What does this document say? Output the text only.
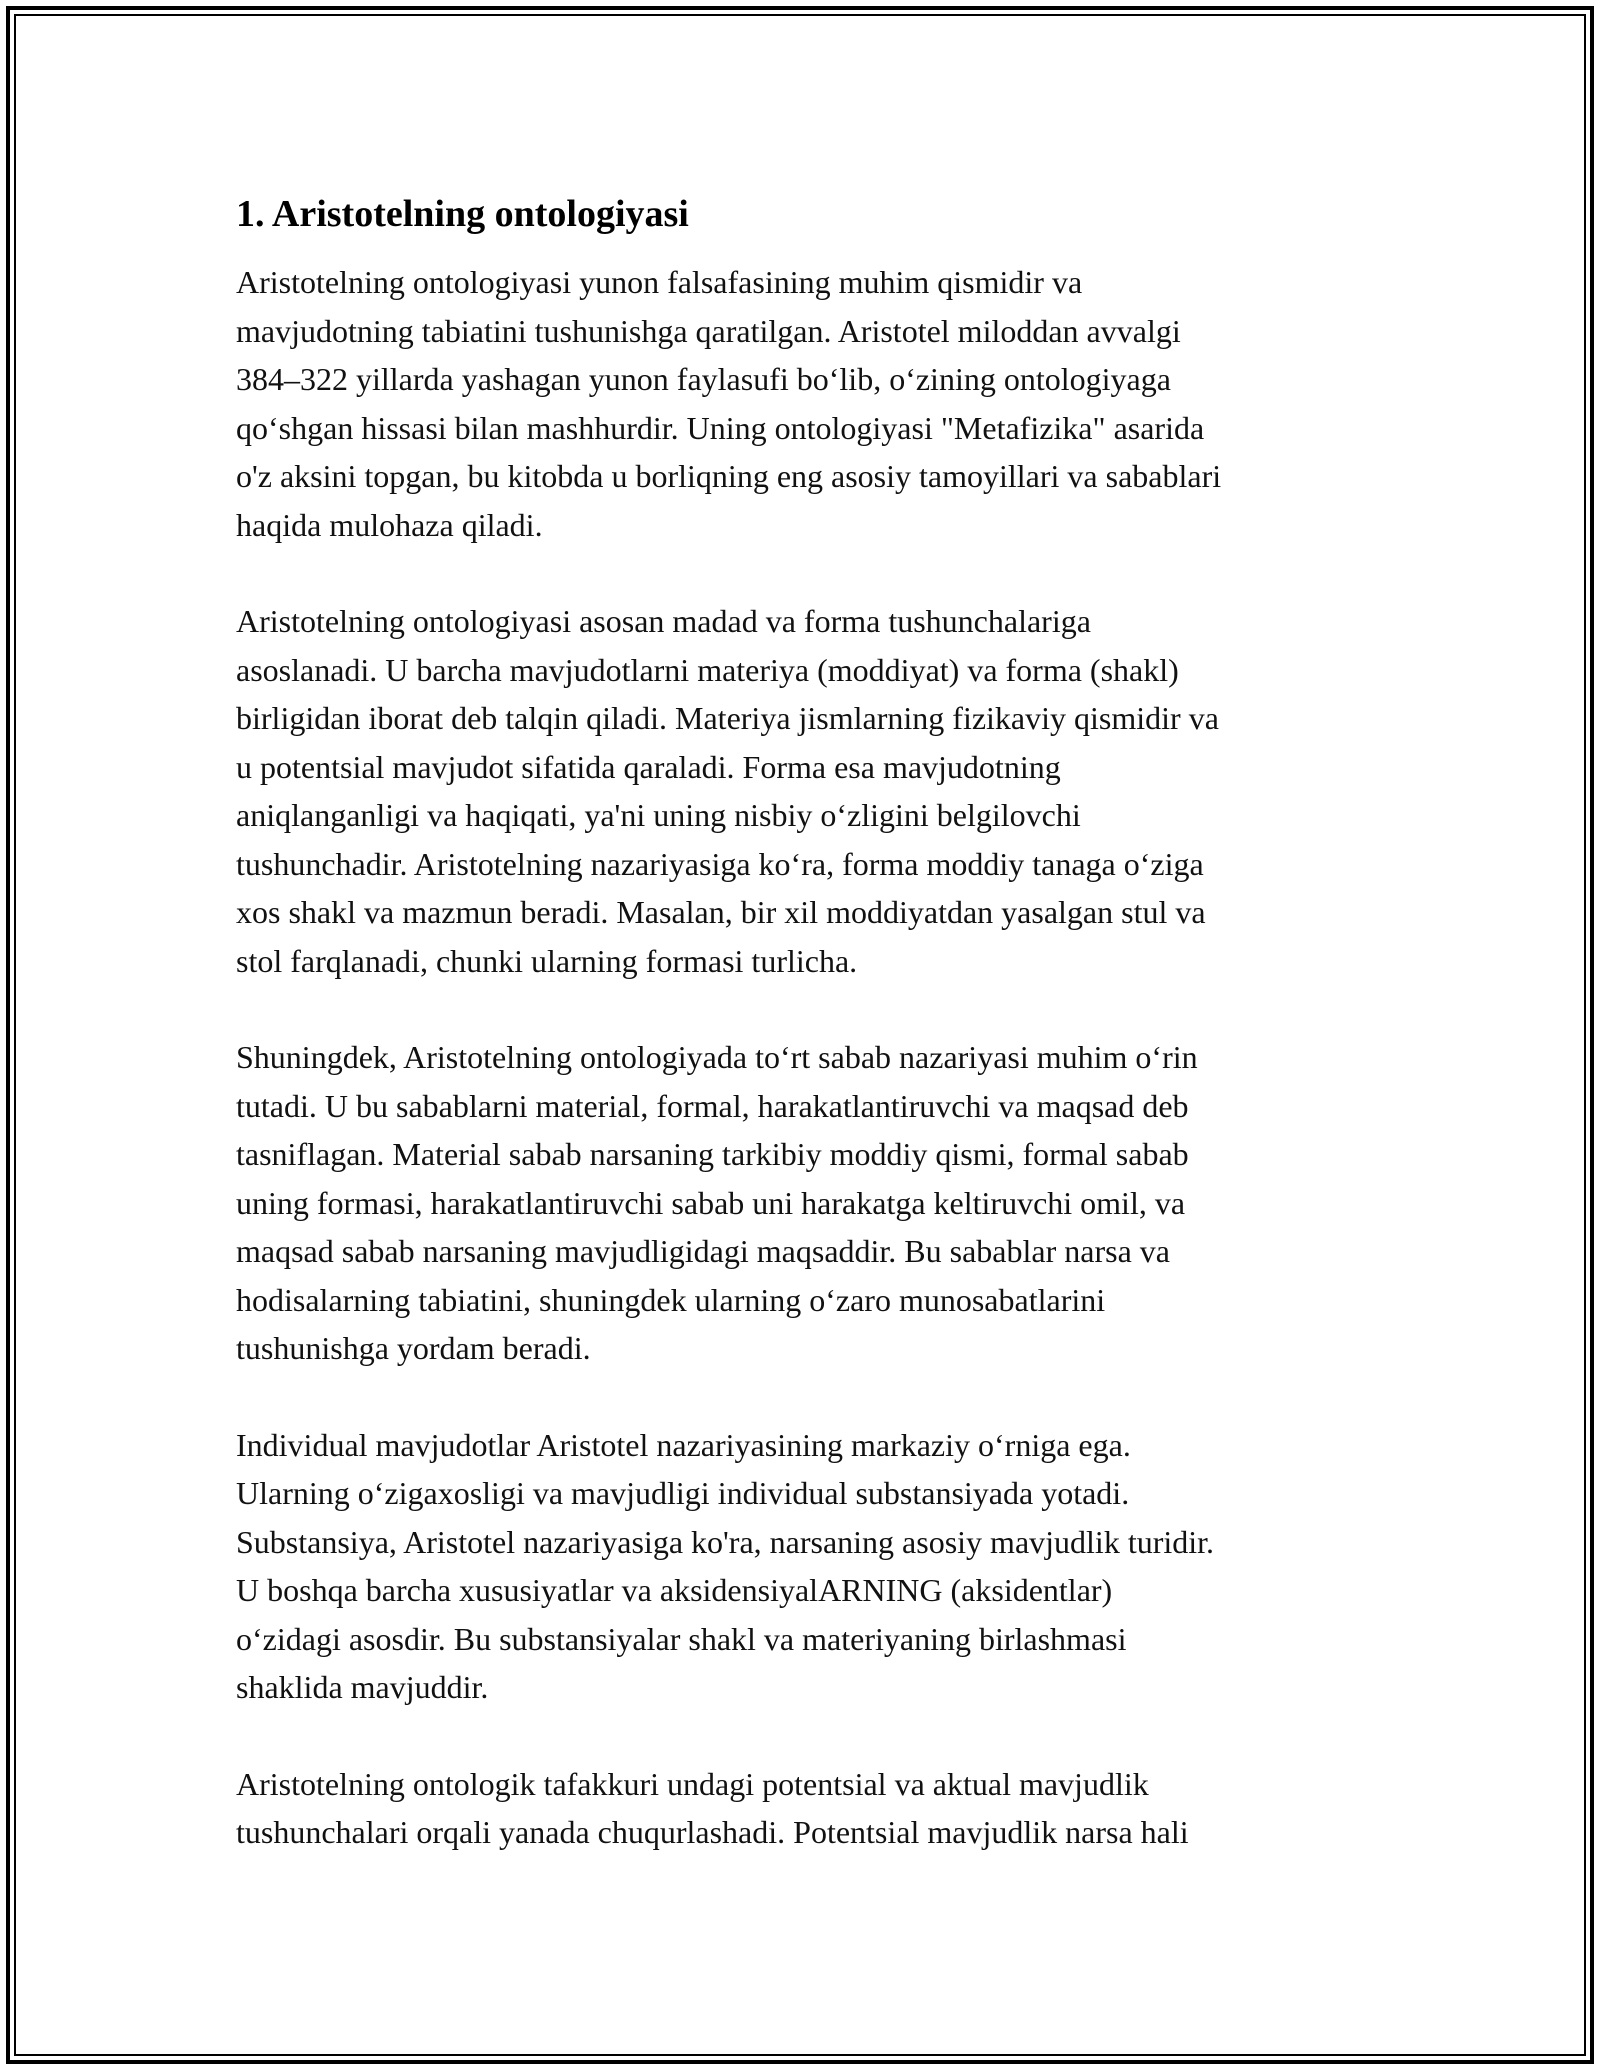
1. Aristotelning ontologiyasi

Aristotelning ontologiyasi yunon falsafasining muhim qismidir va
mavjudotning tabiatini tushunishga qaratilgan. Aristotel miloddan avvalgi
384–322 yillarda yashagan yunon faylasufi bo‘lib, o‘zining ontologiyaga
qo‘shgan hissasi bilan mashhurdir. Uning ontologiyasi "Metafizika" asarida
o'z aksini topgan, bu kitobda u borliqning eng asosiy tamoyillari va sabablari
haqida mulohaza qiladi.

Aristotelning ontologiyasi asosan madad va forma tushunchalariga
asoslanadi. U barcha mavjudotlarni materiya (moddiyat) va forma (shakl)
birligidan iborat deb talqin qiladi. Materiya jismlarning fizikaviy qismidir va
u potentsial mavjudot sifatida qaraladi. Forma esa mavjudotning
aniqlanganligi va haqiqati, ya'ni uning nisbiy o‘zligini belgilovchi
tushunchadir. Aristotelning nazariyasiga ko‘ra, forma moddiy tanaga o‘ziga
xos shakl va mazmun beradi. Masalan, bir xil moddiyatdan yasalgan stul va
stol farqlanadi, chunki ularning formasi turlicha.

Shuningdek, Aristotelning ontologiyada to‘rt sabab nazariyasi muhim o‘rin
tutadi. U bu sabablarni material, formal, harakatlantiruvchi va maqsad deb
tasniflagan. Material sabab narsaning tarkibiy moddiy qismi, formal sabab
uning formasi, harakatlantiruvchi sabab uni harakatga keltiruvchi omil, va
maqsad sabab narsaning mavjudligidagi maqsaddir. Bu sabablar narsa va
hodisalarning tabiatini, shuningdek ularning o‘zaro munosabatlarini
tushunishga yordam beradi.

Individual mavjudotlar Aristotel nazariyasining markaziy o‘rniga ega.
Ularning o‘zigaxosligi va mavjudligi individual substansiyada yotadi.
Substansiya, Aristotel nazariyasiga ko'ra, narsaning asosiy mavjudlik turidir.
U boshqa barcha xususiyatlar va aksidensiyalARNING (aksidentlar)
o‘zidagi asosdir. Bu substansiyalar shakl va materiyaning birlashmasi
shaklida mavjuddir.

Aristotelning ontologik tafakkuri undagi potentsial va aktual mavjudlik
tushunchalari orqali yanada chuqurlashadi. Potentsial mavjudlik narsa hali
